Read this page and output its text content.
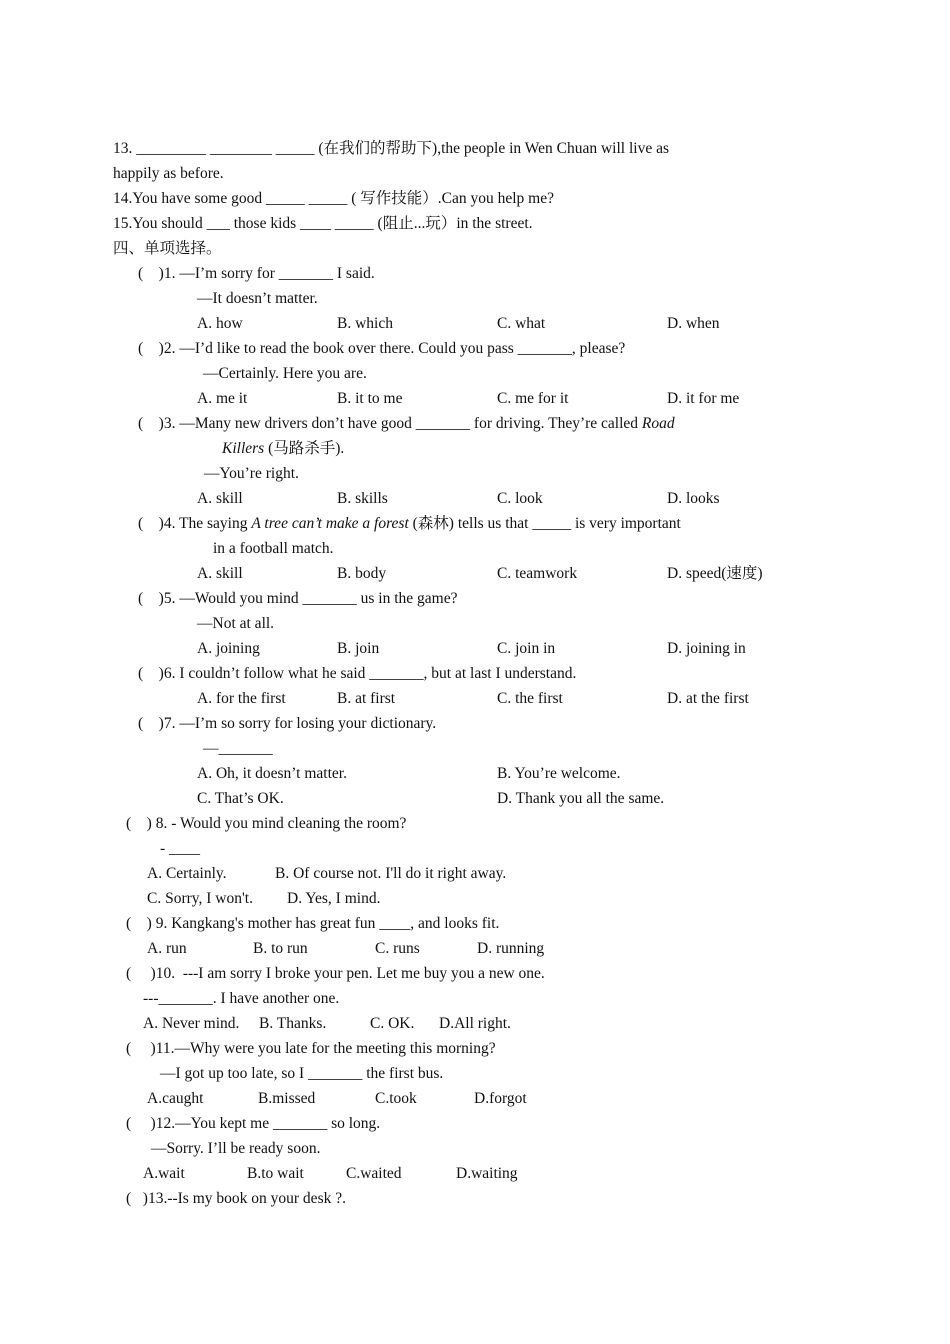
13. _________ ________ _____ (在我们的帮助下),the people in Wen Chuan will live as
happily as before.
14.You have some good _____ _____ ( 写作技能）.Can you help me?
15.You should ___ those kids ____ _____ (阻止...玩）in the street.
四、单项选择。
(    )1. —I’m sorry for _______ I said.
—It doesn’t matter.
A. how	B. which	C. what	D. when
(    )2. —I’d like to read the book over there. Could you pass _______, please?
—Certainly. Here you are.
A. me it	B. it to me	C. me for it	D. it for me
(    )3. —Many new drivers don’t have good _______ for driving. They’re called Road
Killers (马路杀手).
—You’re right.
A. skill	B. skills	C. look	D. looks
(    )4. The saying A tree can’t make a forest (森林) tells us that _____ is very important
in a football match.
A. skill	B. body	C. teamwork	D. speed(速度)
(    )5. —Would you mind _______ us in the game?
—Not at all.
A. joining	B. join	C. join in	D. joining in
(    )6. I couldn’t follow what he said _______, but at last I understand.
A. for the first	B. at first	C. the first	D. at the first
(    )7. —I’m so sorry for losing your dictionary.
—_______
A. Oh, it doesn’t matter.	B. You’re welcome.
C. That’s OK.	D. Thank you all the same.
(    ) 8. - Would you mind cleaning the room?
- ____
A. Certainly.	B. Of course not. I'll do it right away.
C. Sorry, I won't. D. Yes, I mind.
(    ) 9. Kangkang's mother has great fun ____, and looks fit.
A. run	B. to run	C. runs	D. running
(     )10.  ---I am sorry I broke your pen. Let me buy you a new one.
---_______. I have another one.
A. Never mind. B. Thanks.	C. OK. D.All right.
(     )11.—Why were you late for the meeting this morning?
—I got up too late, so I _______ the first bus.
A.caught	B.missed	C.took	D.forgot
(     )12.—You kept me _______ so long.
—Sorry. I’ll be ready soon.
A.wait	B.to wait	C.waited	D.waiting
(   )13.--Is my book on your desk ?.
